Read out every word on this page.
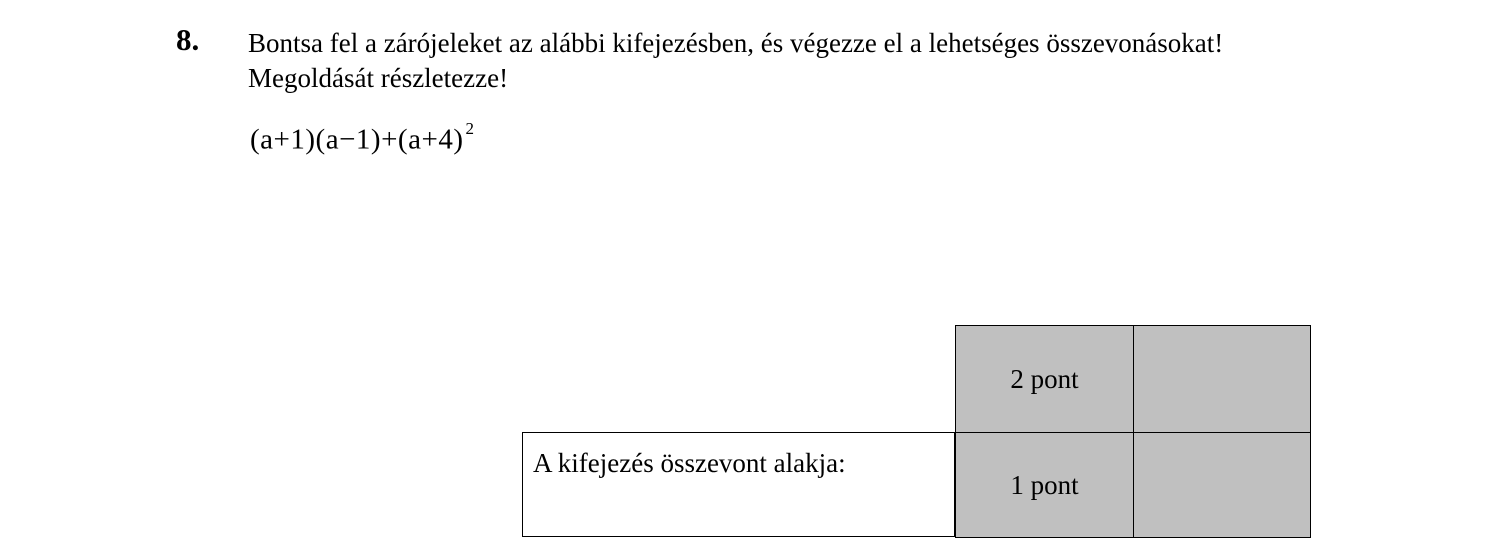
8. Bontsa fel a zárójeleket az alábbi kifejezésben, és végezze el a lehetséges összevonásokat!
Megoldását részletezze!
(a+1)(a−1)+(a+4) $^2$
A kifejezés összevont alakja:
2 pont
1 pont
